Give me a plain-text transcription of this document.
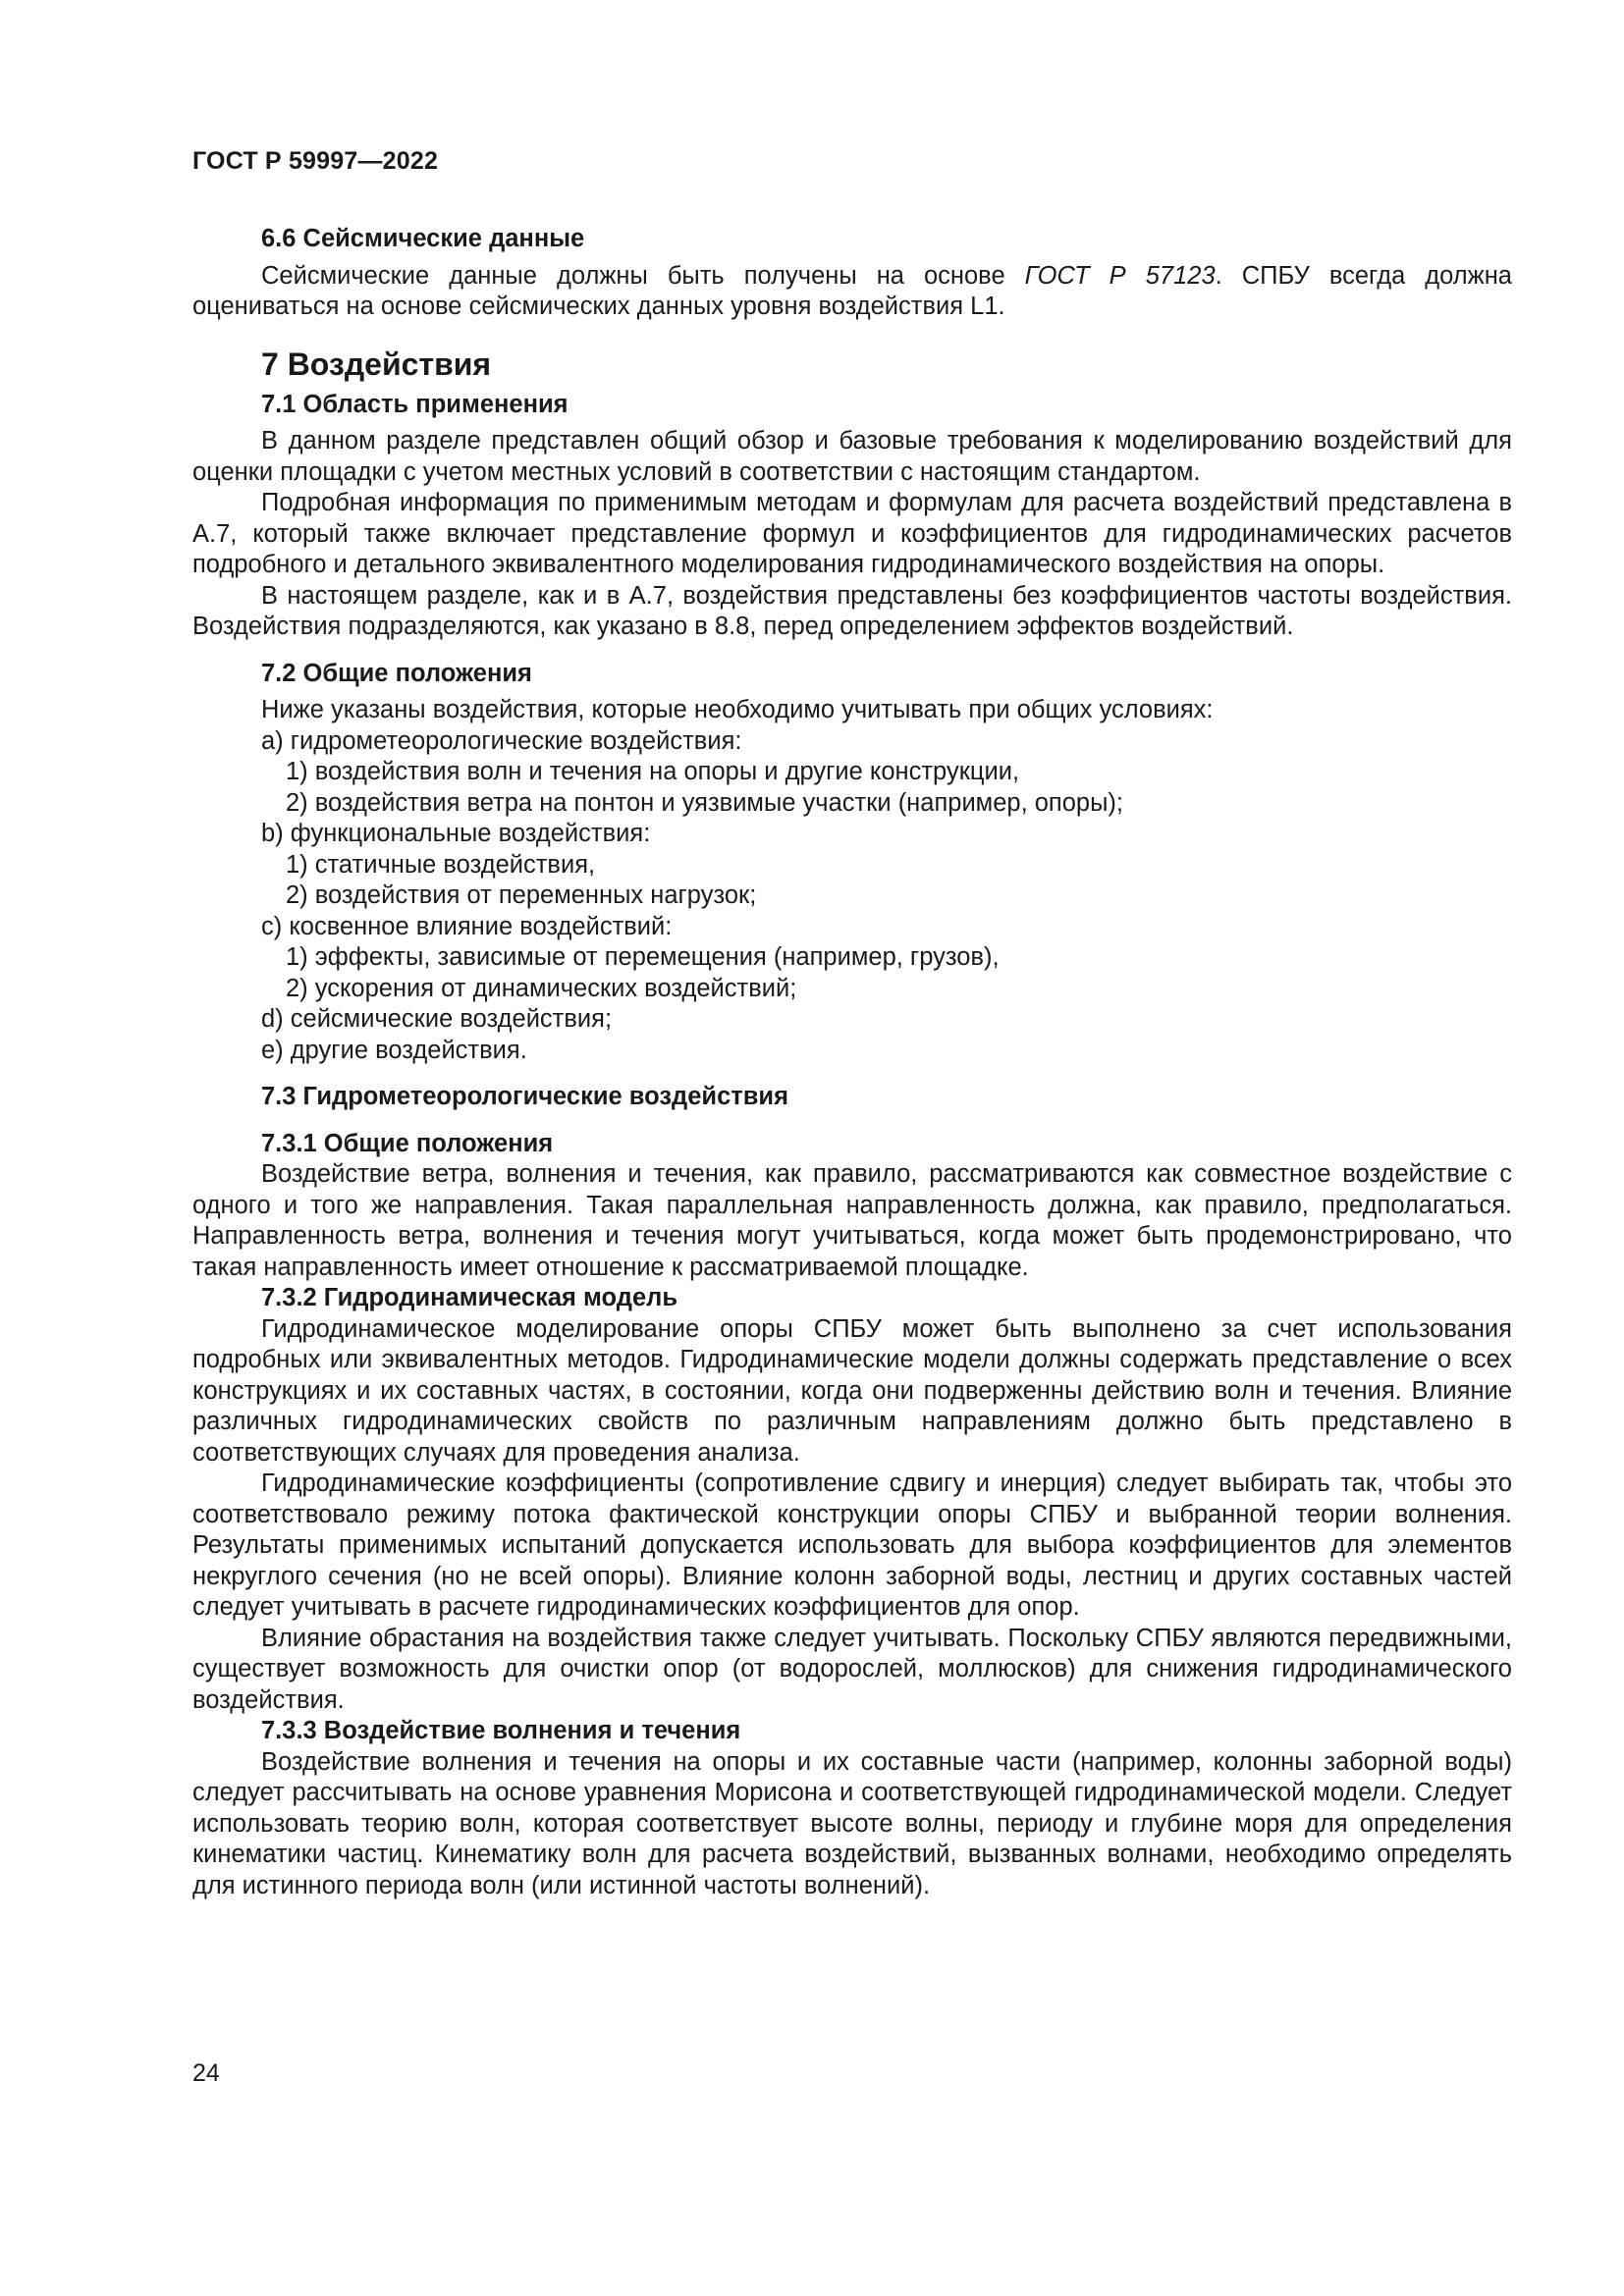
ГОСТ Р 59997—2022
6.6 Сейсмические данные

Сейсмические данные должны быть получены на основе ГОСТ Р 57123. СПБУ всегда должна оцениваться на основе сейсмических данных уровня воздействия L1.

7 Воздействия
7.1 Область применения

В данном разделе представлен общий обзор и базовые требования к моделированию воздействий для оценки площадки с учетом местных условий в соответствии с настоящим стандартом.

Подробная информация по применимым методам и формулам для расчета воздействий представлена в А.7, который также включает представление формул и коэффициентов для гидродинамических расчетов подробного и детального эквивалентного моделирования гидродинамического воздействия на опоры.

В настоящем разделе, как и в А.7, воздействия представлены без коэффициентов частоты воздействия. Воздействия подразделяются, как указано в 8.8, перед определением эффектов воздействий.

7.2 Общие положения

Ниже указаны воздействия, которые необходимо учитывать при общих условиях:

a) гидрометеорологические воздействия:
1) воздействия волн и течения на опоры и другие конструкции,
2) воздействия ветра на понтон и уязвимые участки (например, опоры);
b) функциональные воздействия:
1) статичные воздействия,
2) воздействия от переменных нагрузок;
c) косвенное влияние воздействий:
1) эффекты, зависимые от перемещения (например, грузов),
2) ускорения от динамических воздействий;
d) сейсмические воздействия;
e) другие воздействия.
7.3 Гидрометеорологические воздействия
7.3.1 Общие положения

Воздействие ветра, волнения и течения, как правило, рассматриваются как совместное воздействие с одного и того же направления. Такая параллельная направленность должна, как правило, предполагаться. Направленность ветра, волнения и течения могут учитываться, когда может быть продемонстрировано, что такая направленность имеет отношение к рассматриваемой площадке.

7.3.2 Гидродинамическая модель

Гидродинамическое моделирование опоры СПБУ может быть выполнено за счет использования подробных или эквивалентных методов. Гидродинамические модели должны содержать представление о всех конструкциях и их составных частях, в состоянии, когда они подверженны действию волн и течения. Влияние различных гидродинамических свойств по различным направлениям должно быть представлено в соответствующих случаях для проведения анализа.

Гидродинамические коэффициенты (сопротивление сдвигу и инерция) следует выбирать так, чтобы это соответствовало режиму потока фактической конструкции опоры СПБУ и выбранной теории волнения. Результаты применимых испытаний допускается использовать для выбора коэффициентов для элементов некруглого сечения (но не всей опоры). Влияние колонн заборной воды, лестниц и других составных частей следует учитывать в расчете гидродинамических коэффициентов для опор.

Влияние обрастания на воздействия также следует учитывать. Поскольку СПБУ являются передвижными, существует возможность для очистки опор (от водорослей, моллюсков) для снижения гидродинамического воздействия.

7.3.3 Воздействие волнения и течения

Воздействие волнения и течения на опоры и их составные части (например, колонны заборной воды) следует рассчитывать на основе уравнения Морисона и соответствующей гидродинамической модели. Следует использовать теорию волн, которая соответствует высоте волны, периоду и глубине моря для определения кинематики частиц. Кинематику волн для расчета воздействий, вызванных волнами, необходимо определять для истинного периода волн (или истинной частоты волнений).

24
